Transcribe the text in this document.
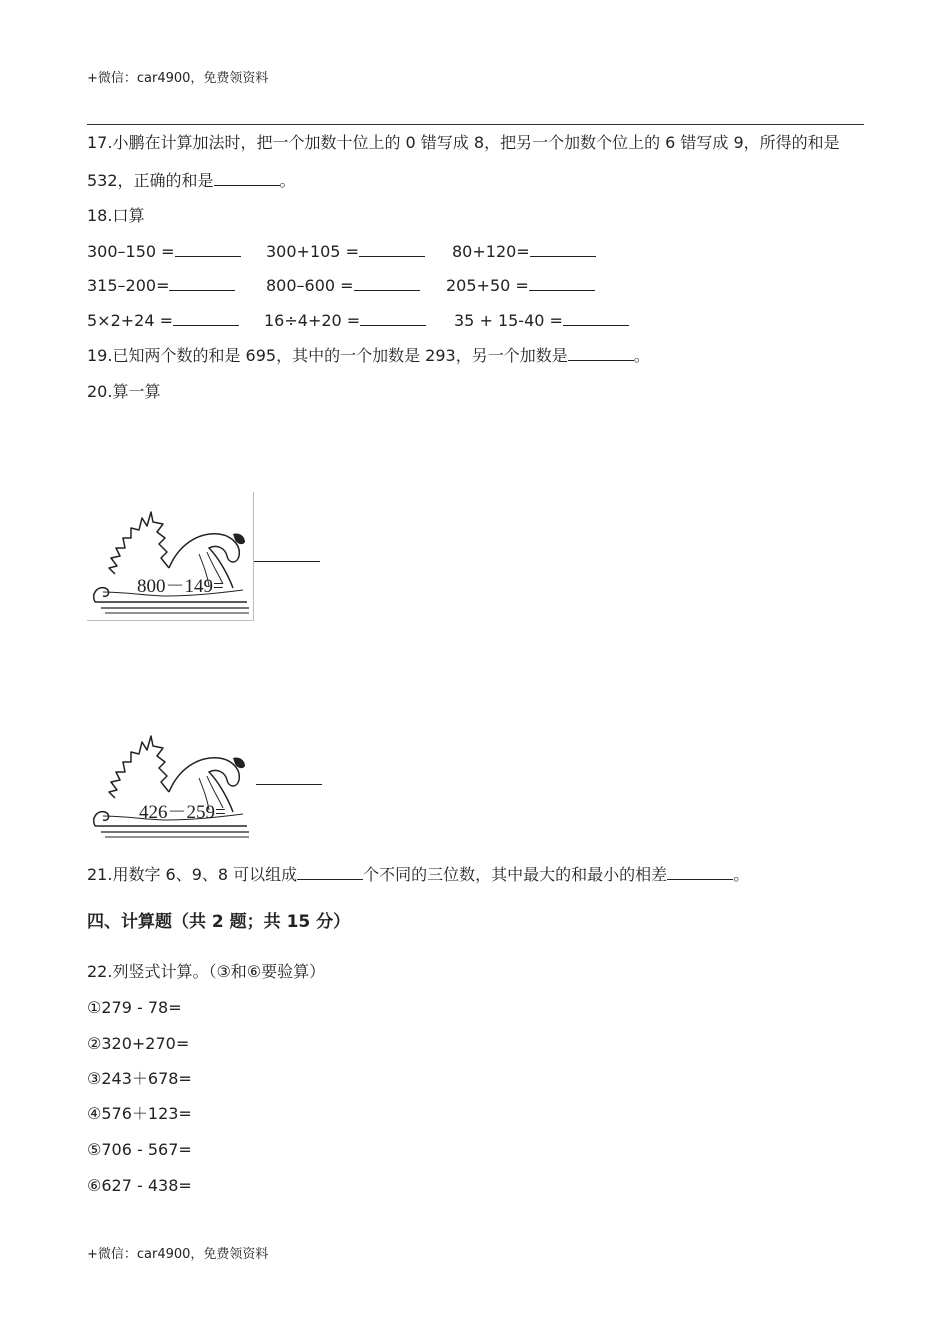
+微信：car4900，免费领资料
17.小鹏在计算加法时，把一个加数十位上的 0 错写成 8，把另一个加数个位上的 6 错写成 9，所得的和是
532，正确的和是	。
18.口算
300–150 =	300+105 =	80+120=
315–200=	800–600 =	205+50 =
5×2+24 =	16÷4+20 =	35 + 15-40 =
19.已知两个数的和是 695，其中的一个加数是 293，另一个加数是	。
20.算一算
800－149=
426－259=
21.用数字 6、9、8 可以组成	个不同的三位数，其中最大的和最小的相差	。
四、计算题（共 2 题；共 15 分）
22.列竖式计算。（③和⑥要验算）
①279 - 78=
②320+270=
③243＋678=
④576＋123=
⑤706 - 567=
⑥627 - 438=
+微信：car4900，免费领资料
